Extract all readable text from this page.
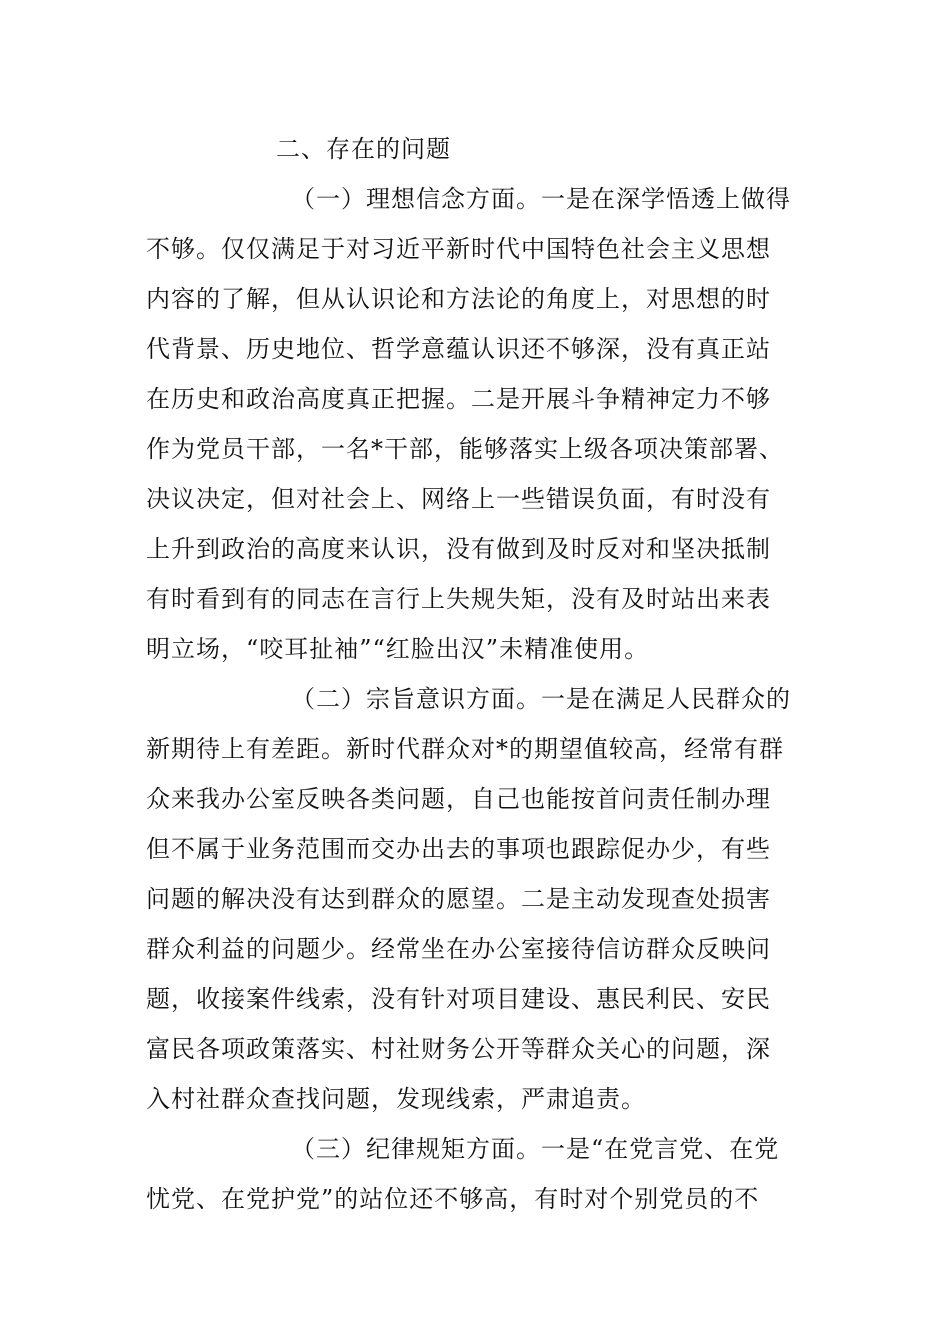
二、存在的问题
（一）理想信念方面。一是在深学悟透上做得
不够。仅仅满足于对习近平新时代中国特色社会主义思想
内容的了解，但从认识论和方法论的角度上，对思想的时
代背景、历史地位、哲学意蕴认识还不够深，没有真正站
在历史和政治高度真正把握。二是开展斗争精神定力不够
作为党员干部，一名*干部，能够落实上级各项决策部署、
决议决定，但对社会上、网络上一些错误负面，有时没有
上升到政治的高度来认识，没有做到及时反对和坚决抵制
有时看到有的同志在言行上失规失矩，没有及时站出来表
明立场，“咬耳扯袖”“红脸出汉”未精准使用。
（二）宗旨意识方面。一是在满足人民群众的
新期待上有差距。新时代群众对*的期望值较高，经常有群
众来我办公室反映各类问题，自己也能按首问责任制办理
但不属于业务范围而交办出去的事项也跟踪促办少，有些
问题的解决没有达到群众的愿望。二是主动发现查处损害
群众利益的问题少。经常坐在办公室接待信访群众反映问
题，收接案件线索，没有针对项目建设、惠民利民、安民
富民各项政策落实、村社财务公开等群众关心的问题，深
入村社群众查找问题，发现线索，严肃追责。
（三）纪律规矩方面。一是“在党言党、在党
忧党、在党护党”的站位还不够高，有时对个别党员的不
